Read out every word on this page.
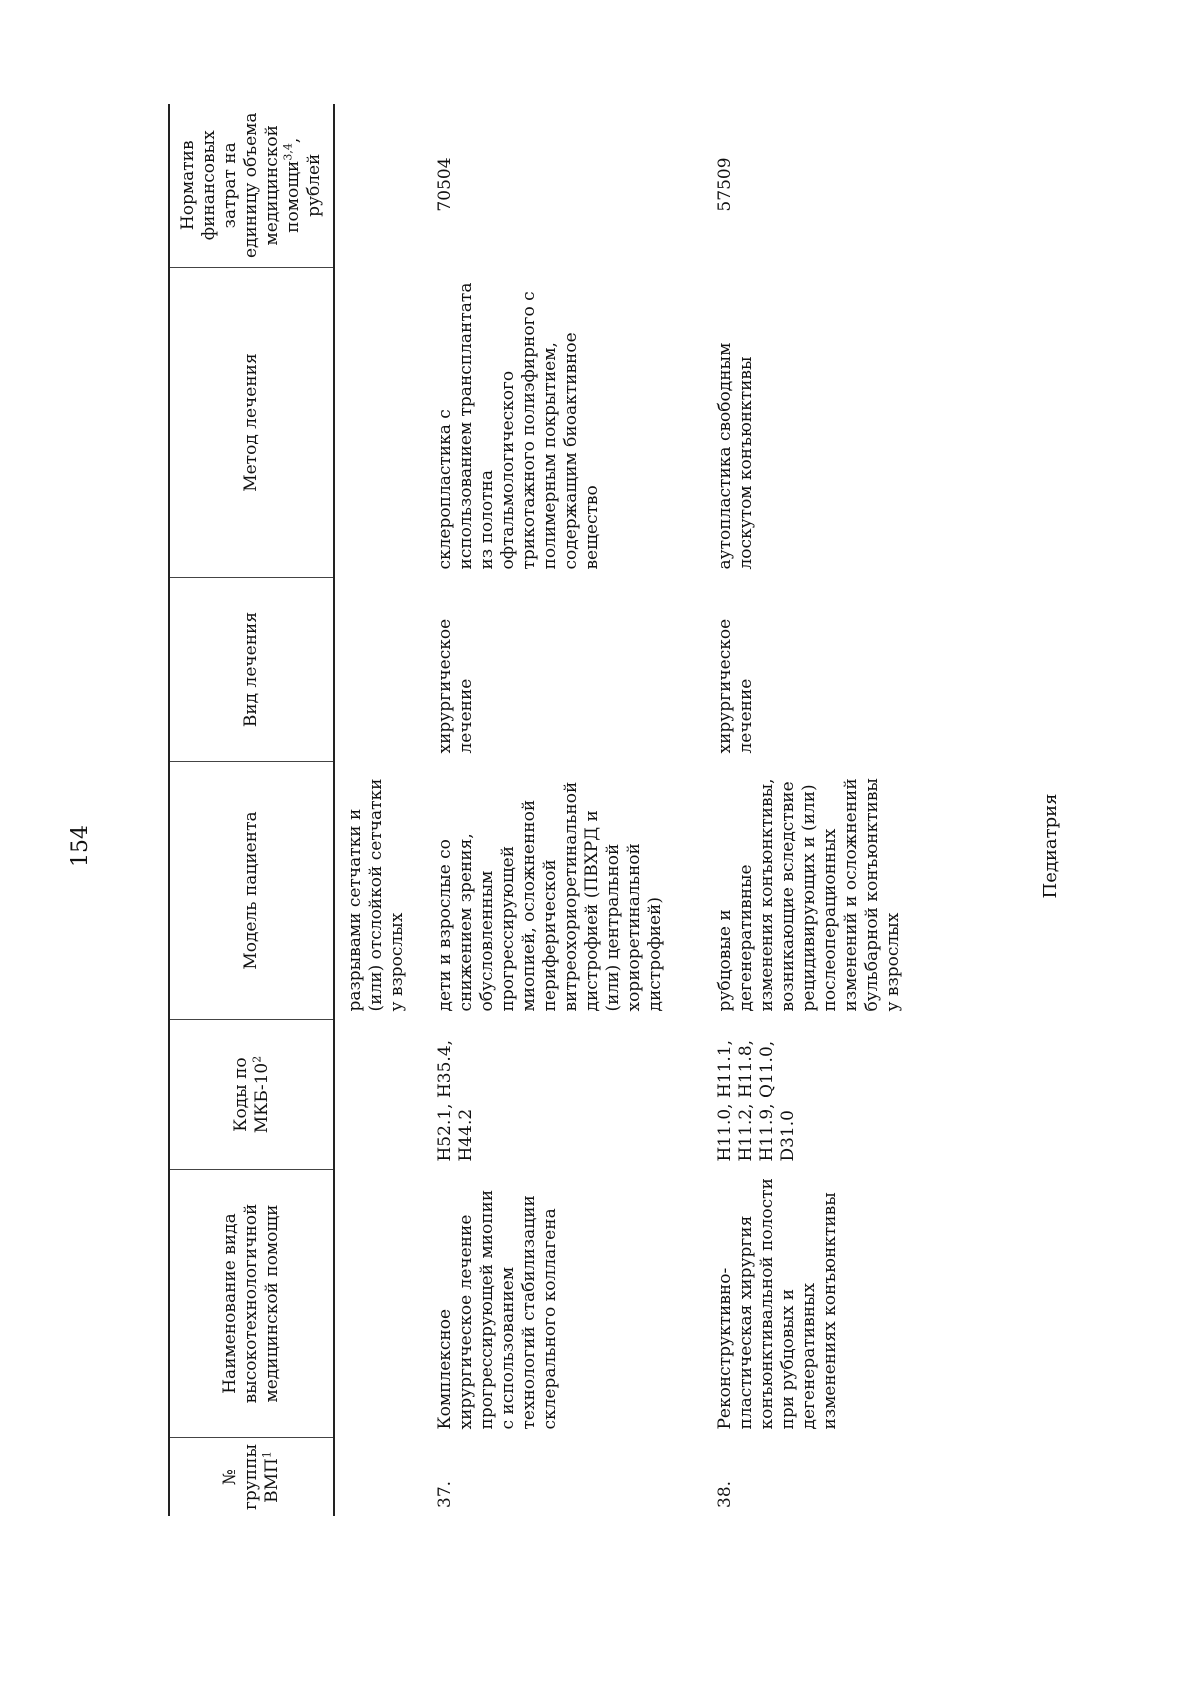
154
№ группы ВМП$^1$	Наименование вида высокотехнологичной медицинской помощи	Коды по МКБ-$10^2$	Модель пациента	Вид лечения	Метод лечения	Норматив финансовых затрат на единицу объема медицинской помощи$^{3,4}$, рублей
			разрывами сетчатки и (или) отслойкой сетчатки у взрослых			
37.	Комплексное хирургическое лечение прогрессирующей миопии с использованием технологий стабилизации склерального коллагена	H52.1, H35.4, H44.2	дети и взрослые со снижением зрения, обусловленным прогрессирующей миопией, осложненной периферической витреохориоретинальной дистрофией (ПВХРД и (или) центральной хориоретинальной дистрофией)	хирургическое лечение	склеропластика с использованием трансплантата из полотна офтальмологического трикотажного полиэфирного с полимерным покрытием, содержащим биоактивное вещество	70504
38.	Реконструктивно-пластическая хирургия конъюнктивальной полости при рубцовых и дегенеративных изменениях конъюнктивы	H11.0, H11.1, H11.2, H11.8, H11.9, Q11.0, D31.0	рубцовые и дегенеративные изменения конъюнктивы, возникающие вследствие рецидивирующих и (или) послеоперационных изменений и осложнений бульбарной конъюнктивы у взрослых	хирургическое лечение	аутопластика свободным лоскутом конъюнктивы	57509
Педиатрия
